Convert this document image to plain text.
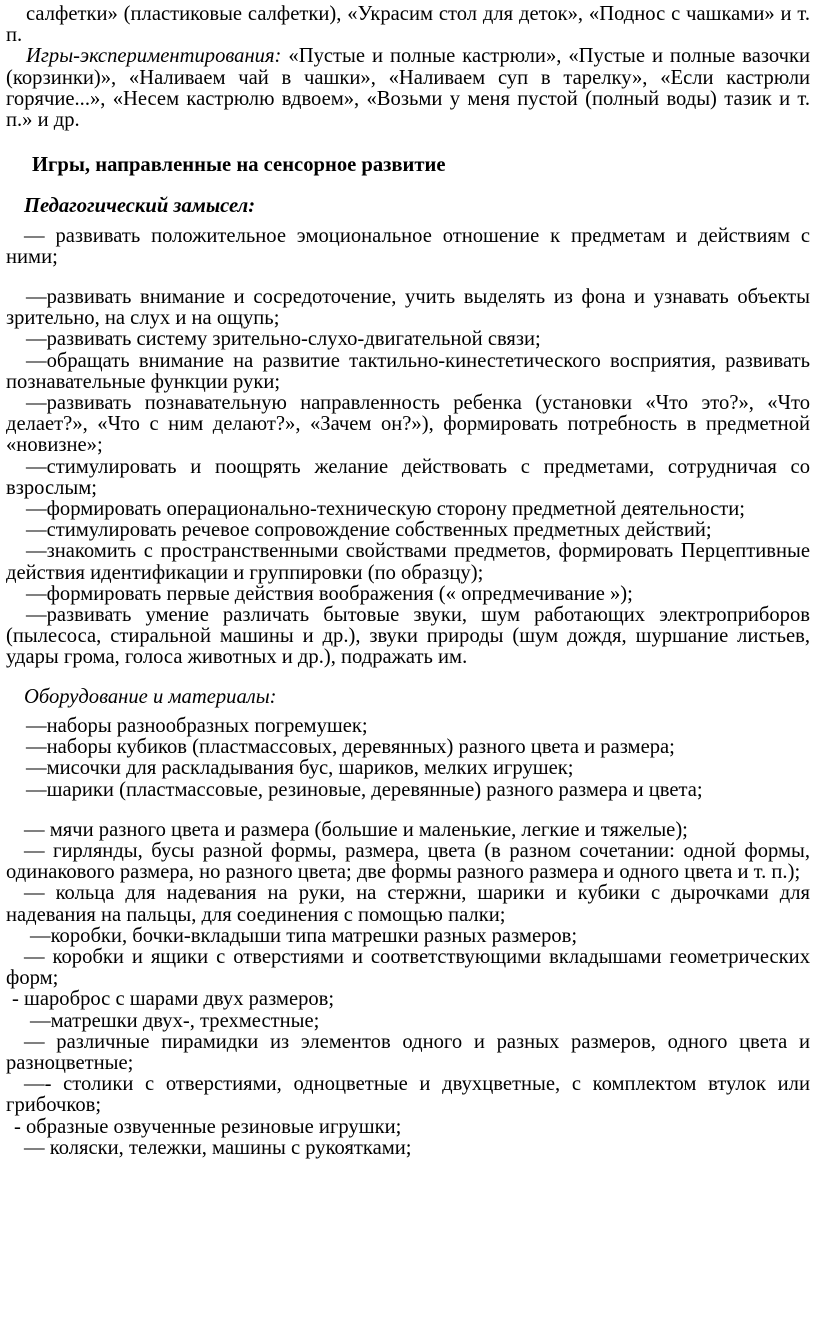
салфетки» (пластиковые салфетки), «Украсим стол для деток», «Поднос с чашками» и т. п.

Игры-экспериментирования: «Пустые и полные кастрюли», «Пустые и полные вазочки (корзинки)», «Наливаем чай в чашки», «Наливаем суп в тарелку», «Если кастрюли горячие...», «Несем кастрюлю вдвоем», «Возьми у меня пустой (полный воды) тазик и т. п.» и др.

Игры, направленные на сенсорное развитие

Педагогический замысел:

— развивать положительное эмоциональное отношение к предметам и действиям с ними;

—развивать внимание и сосредоточение, учить выделять из фона и узнавать объекты зрительно, на слух и на ощупь;

—развивать систему зрительно-слухо-двигательной связи;

—обращать внимание на развитие тактильно-кинестетического восприятия, развивать познавательные функции руки;

—развивать познавательную направленность ребенка (установки «Что это?», «Что делает?», «Что с ним делают?», «Зачем он?»), формировать потребность в предметной «новизне»;

—стимулировать и поощрять желание действовать с предметами, сотрудничая со взрослым;

—формировать операционально-техническую сторону предметной деятельности;

—стимулировать речевое сопровождение собственных предметных действий;

—знакомить с пространственными свойствами предметов, формировать Перцептивные действия идентификации и группировки (по образцу);

—формировать первые действия воображения (« опредмечивание »);

—развивать умение различать бытовые звуки, шум работающих электроприборов (пылесоса, стиральной машины и др.), звуки природы (шум дождя, шуршание листьев, удары грома, голоса животных и др.), подражать им.

Оборудование и материалы:

—наборы разнообразных погремушек;

—наборы кубиков (пластмассовых, деревянных) разного цвета и размера;

—мисочки для раскладывания бус, шариков, мелких игрушек;

—шарики (пластмассовые, резиновые, деревянные) разного размера и цвета;

— мячи разного цвета и размера (большие и маленькие, легкие и тяжелые);

— гирлянды, бусы разной формы, размера, цвета (в разном сочетании: одной формы, одинакового размера, но разного цвета; две формы разного размера и одного цвета и т. п.);

— кольца для надевания на руки, на стержни, шарики и кубики с дырочками для надевания на пальцы, для соединения с помощью палки;

—коробки, бочки-вкладыши типа матрешки разных размеров;

— коробки и ящики с отверстиями и соответствующими вкладышами геометрических форм;

- шароброс с шарами двух размеров;

—матрешки двух-, трехместные;

— различные пирамидки из элементов одного и разных размеров, одного цвета и разноцветные;

—- столики с отверстиями, одноцветные и двухцветные, с комплектом втулок или грибочков;

- образные озвученные резиновые игрушки;

— коляски, тележки, машины с рукоятками;
